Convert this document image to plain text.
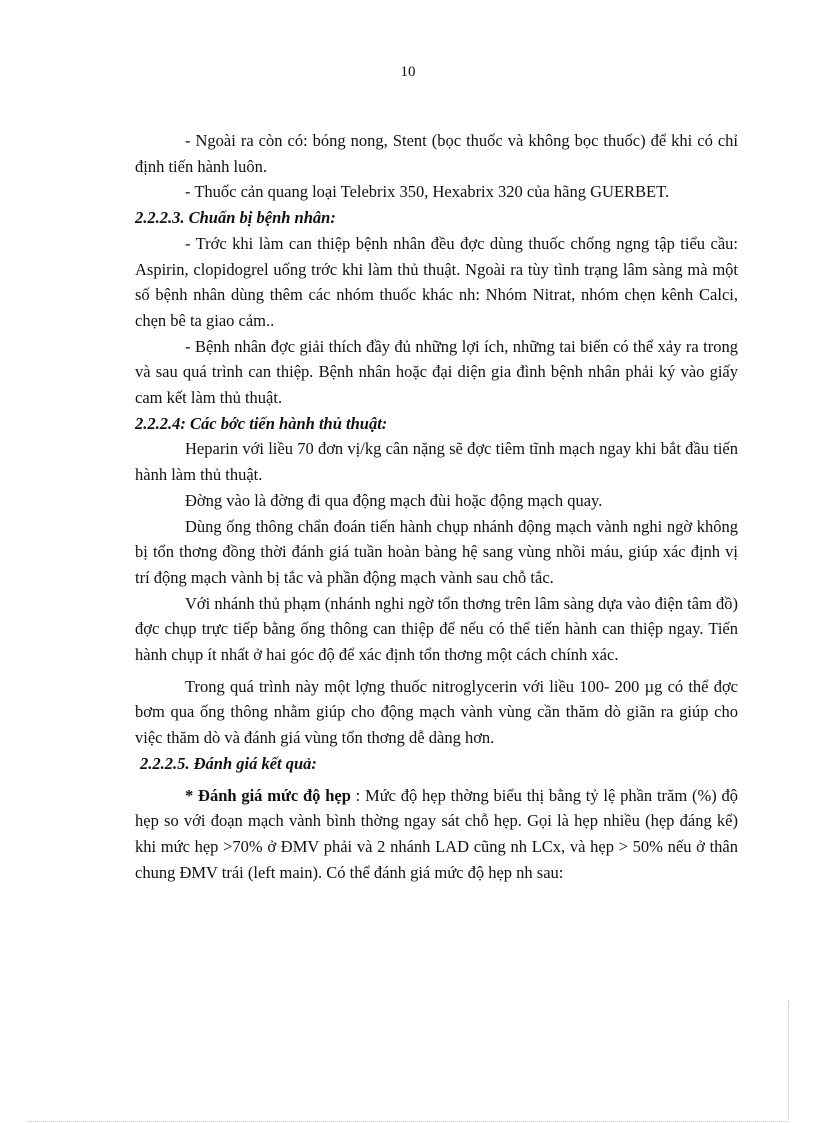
10

- Ngoài ra còn có: bóng nong, Stent (bọc thuốc và không bọc thuốc) để khi có chỉ định tiến hành luôn.

- Thuốc cản quang loại Telebrix 350, Hexabrix 320 của hãng GUERBET.

2.2.2.3. Chuẩn bị bệnh nhân:

- Trớc khi làm can thiệp bệnh nhân đều đợc dùng thuốc chống ngng tập tiểu cầu: Aspirin, clopidogrel uống trớc khi làm thủ thuật. Ngoài ra tùy tình trạng lâm sàng mà một số bệnh nhân dùng thêm các nhóm thuốc khác nh: Nhóm Nitrat, nhóm chẹn kênh Calci, chẹn bê ta giao cảm..

- Bệnh nhân đợc giải thích đầy đủ những lợi ích, những tai biến có thể xảy ra trong và sau quá trình can thiệp. Bệnh nhân hoặc đại diện gia đình bệnh nhân phải ký vào giấy cam kết làm thủ thuật.

2.2.2.4: Các bớc tiến hành thủ thuật:

Heparin với liều 70 đơn vị/kg cân nặng sẽ đợc tiêm tĩnh mạch ngay khi bắt đầu tiến hành làm thủ thuật.

Đờng vào là đờng đi qua động mạch đùi hoặc động mạch quay.

Dùng ống thông chẩn đoán tiến hành chụp nhánh động mạch vành nghi ngờ không bị tổn thơng đồng thời đánh giá tuần hoàn bàng hệ sang vùng nhồi máu, giúp xác định vị trí động mạch vành bị tắc và phần động mạch vành sau chỗ tắc.

Với nhánh thủ phạm (nhánh nghi ngờ tổn thơng trên lâm sàng dựa vào điện tâm đồ) đợc chụp trực tiếp bằng ống thông can thiệp để nếu có thể tiến hành can thiệp ngay. Tiến hành chụp ít nhất ở hai góc độ để xác định tổn thơng một cách chính xác.

Trong quá trình này một lợng thuốc nitroglycerin với liều 100- 200 µg có thể đợc bơm qua ống thông nhằm giúp cho động mạch vành vùng cần thăm dò giãn ra giúp cho việc thăm dò và đánh giá vùng tổn thơng dễ dàng hơn.

2.2.2.5. Đánh giá kết quả:

* Đánh giá mức độ hẹp : Mức độ hẹp thờng biểu thị bằng tỷ lệ phần trăm (%) độ hẹp so với đoạn mạch vành bình thờng ngay sát chỗ hẹp. Gọi là hẹp nhiều (hẹp đáng kể) khi mức hẹp >70% ở ĐMV phải và 2 nhánh LAD cũng nh LCx, và hẹp > 50% nếu ở thân chung ĐMV trái (left main). Có thể đánh giá mức độ hẹp nh sau:
